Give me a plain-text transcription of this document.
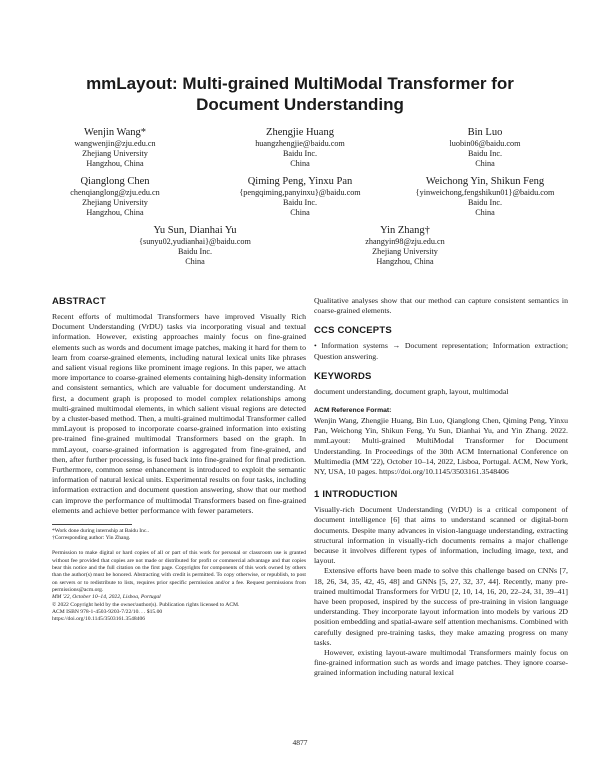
mmLayout: Multi-grained MultiModal Transformer for Document Understanding
Wenjin Wang*
wangwenjin@zju.edu.cn
Zhejiang University
Hangzhou, China
Zhengjie Huang
huangzhengjie@baidu.com
Baidu Inc.
China
Bin Luo
luobin06@baidu.com
Baidu Inc.
China
Qianglong Chen
chenqianglong@zju.edu.cn
Zhejiang University
Hangzhou, China
Qiming Peng, Yinxu Pan
{pengqiming,panyinxu}@baidu.com
Baidu Inc.
China
Weichong Yin, Shikun Feng
{yinweichong,fengshikun01}@baidu.com
Baidu Inc.
China
Yu Sun, Dianhai Yu
{sunyu02,yudianhai}@baidu.com
Baidu Inc.
China
Yin Zhang†
zhangyin98@zju.edu.cn
Zhejiang University
Hangzhou, China
ABSTRACT

Recent efforts of multimodal Transformers have improved Visually Rich Document Understanding (VrDU) tasks via incorporating visual and textual information. However, existing approaches mainly focus on fine-grained elements such as words and document image patches, making it hard for them to learn from coarse-grained elements, including natural lexical units like phrases and salient visual regions like prominent image regions. In this paper, we attach more importance to coarse-grained elements containing high-density information and consistent semantics, which are valuable for document understanding. At first, a document graph is proposed to model complex relationships among multi-grained multimodal elements, in which salient visual regions are detected by a cluster-based method. Then, a multi-grained multimodal Transformer called mmLayout is proposed to incorporate coarse-grained information into existing pre-trained fine-grained multimodal Transformers based on the graph. In mmLayout, coarse-grained information is aggregated from fine-grained, and then, after further processing, is fused back into fine-grained for final prediction. Furthermore, common sense enhancement is introduced to exploit the semantic information of natural lexical units. Experimental results on four tasks, including information extraction and document question answering, show that our method can improve the performance of multimodal Transformers based on fine-grained elements and achieve better performance with fewer parameters.

*Work done during internship at Baidu Inc..
†Corresponding author: Yin Zhang.

Permission to make digital or hard copies of all or part of this work for personal or classroom use is granted without fee provided that copies are not made or distributed for profit or commercial advantage and that copies bear this notice and the full citation on the first page. Copyrights for components of this work owned by others than the author(s) must be honored. Abstracting with credit is permitted. To copy otherwise, or republish, to post on servers or to redistribute to lists, requires prior specific permission and/or a fee. Request permissions from permissions@acm.org.

MM '22, October 10–14, 2022, Lisboa, Portugal

© 2022 Copyright held by the owner/author(s). Publication rights licensed to ACM.

ACM ISBN 978-1-4503-9203-7/22/10. . . $15.00

https://doi.org/10.1145/3503161.3548406

Qualitative analyses show that our method can capture consistent semantics in coarse-grained elements.

CCS CONCEPTS

• Information systems → Document representation; Information extraction; Question answering.

KEYWORDS

document understanding, document graph, layout, multimodal

ACM Reference Format:

Wenjin Wang, Zhengjie Huang, Bin Luo, Qianglong Chen, Qiming Peng, Yinxu Pan, Weichong Yin, Shikun Feng, Yu Sun, Dianhai Yu, and Yin Zhang. 2022. mmLayout: Multi-grained MultiModal Transformer for Document Understanding. In Proceedings of the 30th ACM International Conference on Multimedia (MM '22), October 10–14, 2022, Lisboa, Portugal. ACM, New York, NY, USA, 10 pages. https://doi.org/10.1145/3503161.3548406

1 INTRODUCTION

Visually-rich Document Understanding (VrDU) is a critical component of document intelligence [6] that aims to understand scanned or digital-born documents. Despite many advances in vision-language understanding, extracting structural information in visually-rich documents remains a major challenge because it involves different types of information, including image, text, and layout.

Extensive efforts have been made to solve this challenge based on CNNs [7, 18, 26, 34, 35, 42, 45, 48] and GNNs [5, 27, 32, 37, 44]. Recently, many pre-trained multimodal Transformers for VrDU [2, 10, 14, 16, 20, 22–24, 31, 39–41] have been proposed, inspired by the success of pre-training in vision language understanding. They incorporate layout information into models by various 2D position embedding and spatial-aware self attention mechanisms. Combined with carefully designed pre-training tasks, they make amazing progress on many tasks.

However, existing layout-aware multimodal Transformers mainly focus on fine-grained information such as words and image patches. They ignore coarse-grained information including natural lexical

4877
